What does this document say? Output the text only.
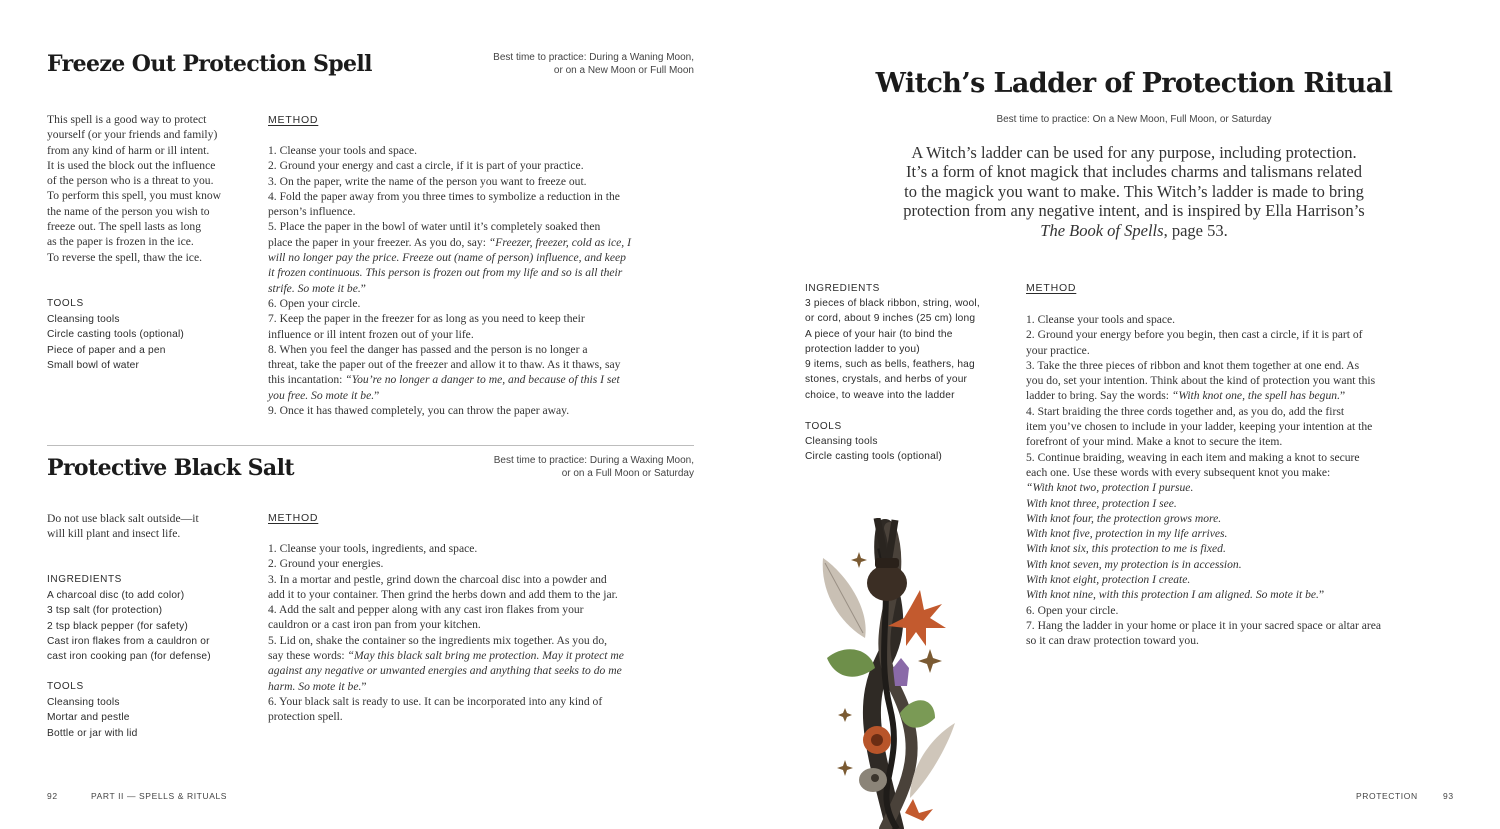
Freeze Out Protection Spell	Best time to practice: During a Waning Moon,
or on a New Moon or Full Moon
This spell is a good way to protect
yourself (or your friends and family)
from any kind of harm or ill intent.
It is used the block out the influence
of the person who is a threat to you.
To perform this spell, you must know
the name of the person you wish to
freeze out. The spell lasts as long
as the paper is frozen in the ice.
To reverse the spell, thaw the ice.
TOOLS
Cleansing tools
Circle casting tools (optional)
Piece of paper and a pen
Small bowl of water
METHOD
1. Cleanse your tools and space.
2. Ground your energy and cast a circle, if it is part of your practice.
3. On the paper, write the name of the person you want to freeze out.
4. Fold the paper away from you three times to symbolize a reduction in the
person’s influence.
5. Place the paper in the bowl of water until it’s completely soaked then
place the paper in your freezer. As you do, say: “Freezer, freezer, cold as ice, I
will no longer pay the price. Freeze out (name of person) influence, and keep
it frozen continuous. This person is frozen out from my life and so is all their
strife. So mote it be.”
6. Open your circle.
7. Keep the paper in the freezer for as long as you need to keep their
influence or ill intent frozen out of your life.
8. When you feel the danger has passed and the person is no longer a
threat, take the paper out of the freezer and allow it to thaw. As it thaws, say
this incantation: “You’re no longer a danger to me, and because of this I set
you free. So mote it be.”
9. Once it has thawed completely, you can throw the paper away.
Protective Black Salt	Best time to practice: During a Waxing Moon,
or on a Full Moon or Saturday
Do not use black salt outside—it
will kill plant and insect life.
INGREDIENTS
A charcoal disc (to add color)
3 tsp salt (for protection)
2 tsp black pepper (for safety)
Cast iron flakes from a cauldron or
cast iron cooking pan (for defense)
TOOLS
Cleansing tools
Mortar and pestle
Bottle or jar with lid
METHOD
1. Cleanse your tools, ingredients, and space.
2. Ground your energies.
3. In a mortar and pestle, grind down the charcoal disc into a powder and
add it to your container. Then grind the herbs down and add them to the jar.
4. Add the salt and pepper along with any cast iron flakes from your
cauldron or a cast iron pan from your kitchen.
5. Lid on, shake the container so the ingredients mix together. As you do,
say these words: “May this black salt bring me protection. May it protect me
against any negative or unwanted energies and anything that seeks to do me
harm. So mote it be.”
6. Your black salt is ready to use. It can be incorporated into any kind of
protection spell.
92	PART II — SPELLS & RITUALS
Witch’s Ladder of Protection Ritual
Best time to practice: On a New Moon, Full Moon, or Saturday
A Witch’s ladder can be used for any purpose, including protection.
It’s a form of knot magick that includes charms and talismans related
to the magick you want to make. This Witch’s ladder is made to bring
protection from any negative intent, and is inspired by Ella Harrison’s
The Book of Spells, page 53.
INGREDIENTS
3 pieces of black ribbon, string, wool,
or cord, about 9 inches (25 cm) long
A piece of your hair (to bind the
protection ladder to you)
9 items, such as bells, feathers, hag
stones, crystals, and herbs of your
choice, to weave into the ladder
TOOLS
Cleansing tools
Circle casting tools (optional)
METHOD
1. Cleanse your tools and space.
2. Ground your energy before you begin, then cast a circle, if it is part of
your practice.
3. Take the three pieces of ribbon and knot them together at one end. As
you do, set your intention. Think about the kind of protection you want this
ladder to bring. Say the words: “With knot one, the spell has begun.”
4. Start braiding the three cords together and, as you do, add the first
item you’ve chosen to include in your ladder, keeping your intention at the
forefront of your mind. Make a knot to secure the item.
5. Continue braiding, weaving in each item and making a knot to secure
each one. Use these words with every subsequent knot you make:
“With knot two, protection I pursue.
With knot three, protection I see.
With knot four, the protection grows more.
With knot five, protection in my life arrives.
With knot six, this protection to me is fixed.
With knot seven, my protection is in accession.
With knot eight, protection I create.
With knot nine, with this protection I am aligned. So mote it be.”
6. Open your circle.
7. Hang the ladder in your home or place it in your sacred space or altar area
so it can draw protection toward you.
PROTECTION	93
